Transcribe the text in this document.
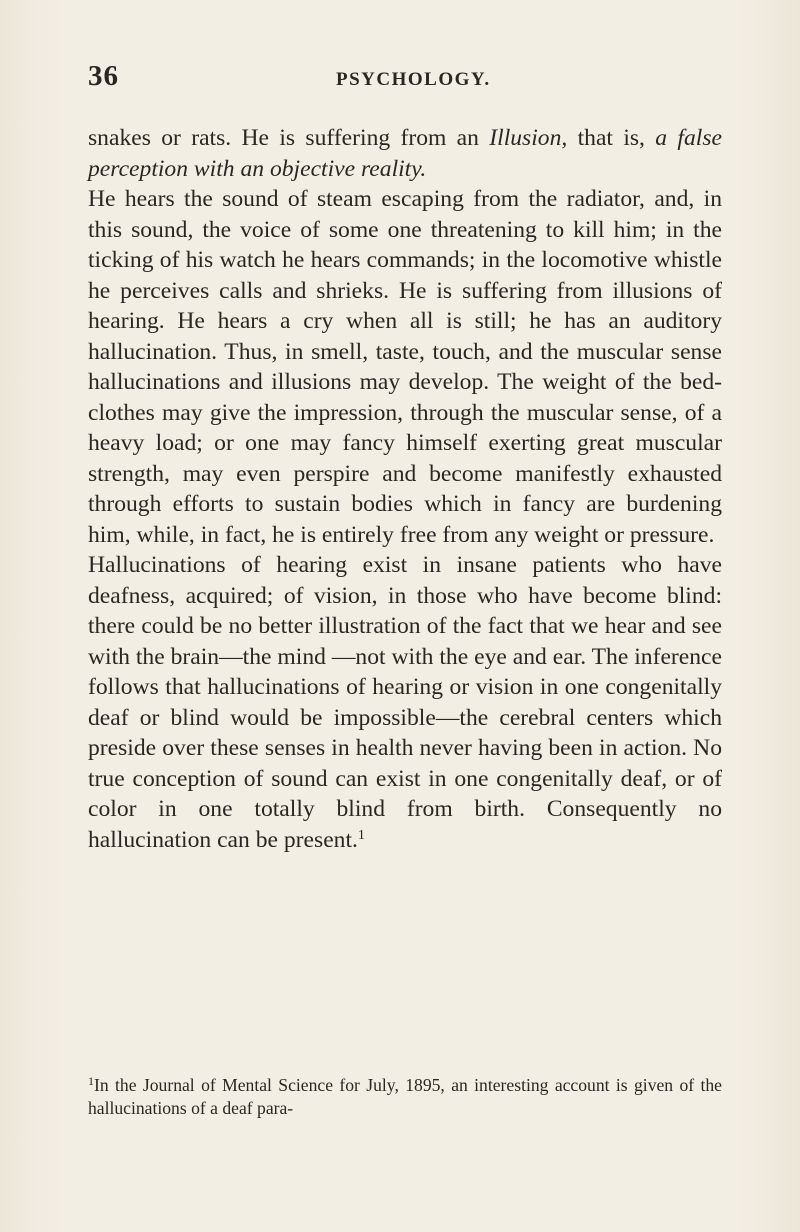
36	PSYCHOLOGY.

snakes or rats. He is suffering from an Illusion, that is, a false perception with an objective reality.

He hears the sound of steam escaping from the radiator, and, in this sound, the voice of some one threatening to kill him; in the ticking of his watch he hears commands; in the locomotive whistle he perceives calls and shrieks. He is suffering from illusions of hearing. He hears a cry when all is still; he has an auditory hallucination. Thus, in smell, taste, touch, and the muscular sense hallucinations and illusions may develop. The weight of the bed-clothes may give the impression, through the muscular sense, of a heavy load; or one may fancy himself exerting great muscular strength, may even perspire and become manifestly exhausted through efforts to sustain bodies which in fancy are burdening him, while, in fact, he is entirely free from any weight or pressure.

Hallucinations of hearing exist in insane patients who have deafness, acquired; of vision, in those who have become blind: there could be no better illustration of the fact that we hear and see with the brain—the mind —not with the eye and ear. The inference follows that hallucinations of hearing or vision in one congenitally deaf or blind would be impossible—the cerebral centers which preside over these senses in health never having been in action. No true conception of sound can exist in one congenitally deaf, or of color in one totally blind from birth. Consequently no hallucination can be present.$^1$

$^1$In the Journal of Mental Science for July, 1895, an interesting account is given of the hallucinations of a deaf para-
